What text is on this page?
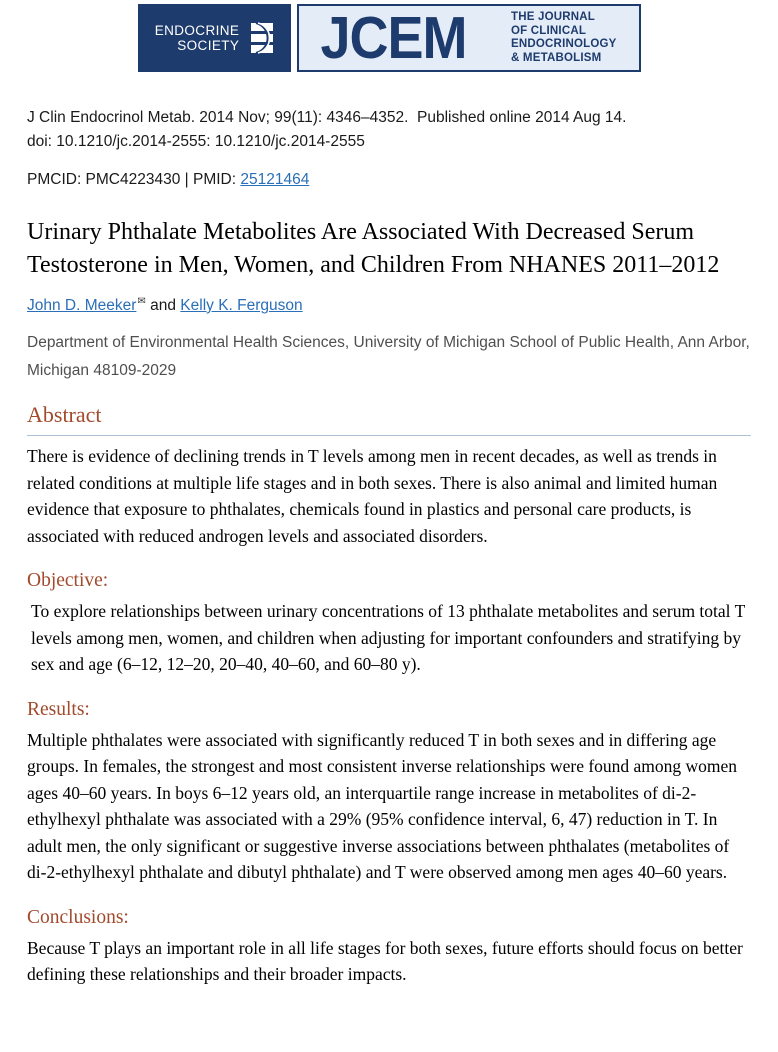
ENDOCRINE
SOCIETY JCEM	THE JOURNAL
OF CLINICAL
ENDOCRINOLOGY
& METABOLISM

J Clin Endocrinol Metab. 2014 Nov; 99(11): 4346–4352.  Published online 2014 Aug 14.
doi: 10.1210/jc.2014-2555: 10.1210/jc.2014-2555

PMCID: PMC4223430 | PMID: 25121464

Urinary Phthalate Metabolites Are Associated With Decreased Serum Testosterone in Men, Women, and Children From NHANES 2011–2012

John D. Meeker✉ and Kelly K. Ferguson

Department of Environmental Health Sciences, University of Michigan School of Public Health, Ann Arbor, Michigan 48109-2029

Abstract

There is evidence of declining trends in T levels among men in recent decades, as well as trends in related conditions at multiple life stages and in both sexes. There is also animal and limited human evidence that exposure to phthalates, chemicals found in plastics and personal care products, is associated with reduced androgen levels and associated disorders.

Objective:

To explore relationships between urinary concentrations of 13 phthalate metabolites and serum total T levels among men, women, and children when adjusting for important confounders and stratifying by sex and age (6–12, 12–20, 20–40, 40–60, and 60–80 y).

Results:

Multiple phthalates were associated with significantly reduced T in both sexes and in differing age groups. In females, the strongest and most consistent inverse relationships were found among women ages 40–60 years. In boys 6–12 years old, an interquartile range increase in metabolites of di-2-ethylhexyl phthalate was associated with a 29% (95% confidence interval, 6, 47) reduction in T. In adult men, the only significant or suggestive inverse associations between phthalates (metabolites of di-2-ethylhexyl phthalate and dibutyl phthalate) and T were observed among men ages 40–60 years.

Conclusions:

Because T plays an important role in all life stages for both sexes, future efforts should focus on better defining these relationships and their broader impacts.
